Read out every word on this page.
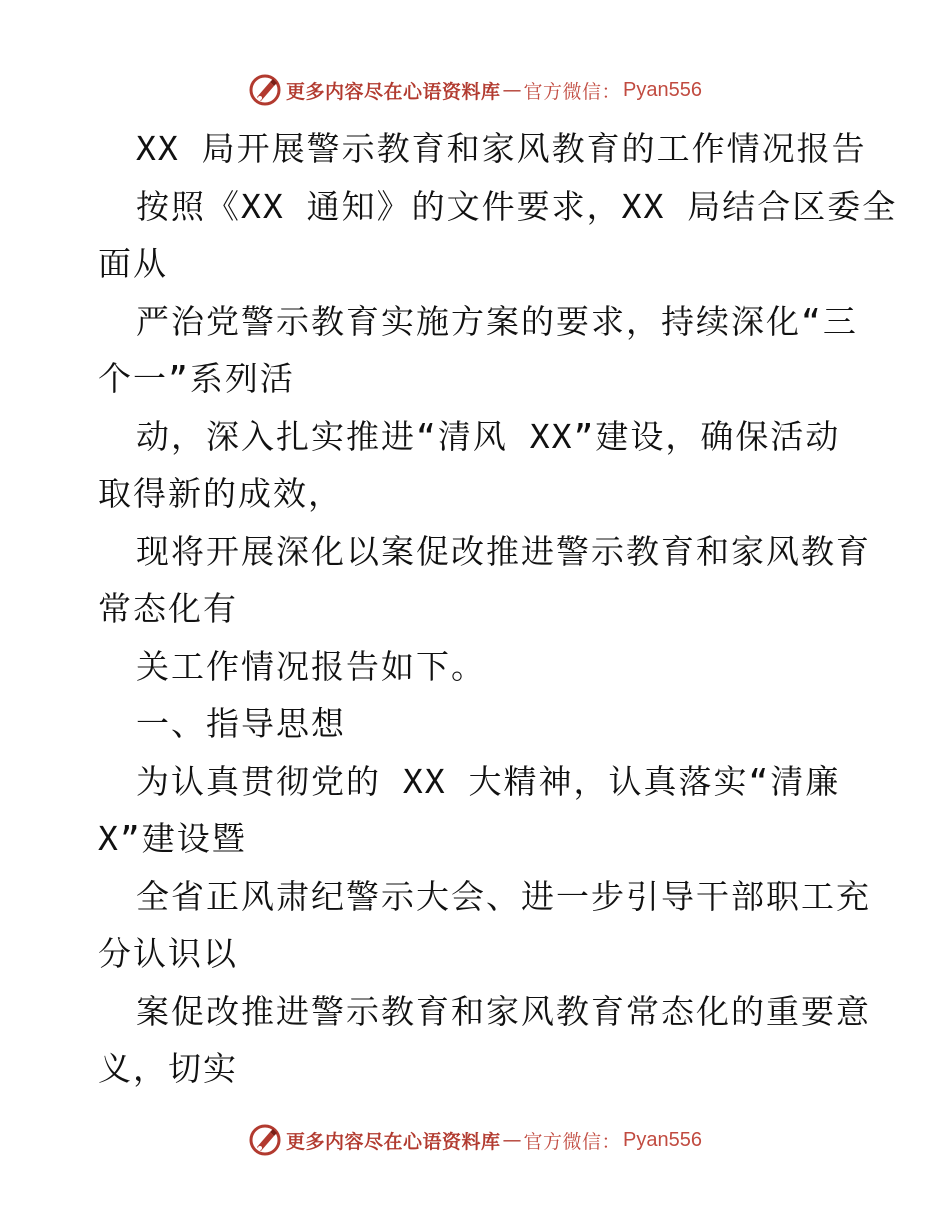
更多内容尽在心语资料库 — 官方微信： Pyan556
XX 局开展警示教育和家风教育的工作情况报告
按照《XX 通知》的文件要求，XX 局结合区委全
面从
严治党警示教育实施方案的要求，持续深化“三
个一”系列活
动，深入扎实推进“清风 XX”建设，确保活动
取得新的成效，
现将开展深化以案促改推进警示教育和家风教育
常态化有
关工作情况报告如下。
一、指导思想
为认真贯彻党的 XX 大精神，认真落实“清廉
X”建设暨
全省正风肃纪警示大会、进一步引导干部职工充
分认识以
案促改推进警示教育和家风教育常态化的重要意
义，切实
更多内容尽在心语资料库 — 官方微信： Pyan556
